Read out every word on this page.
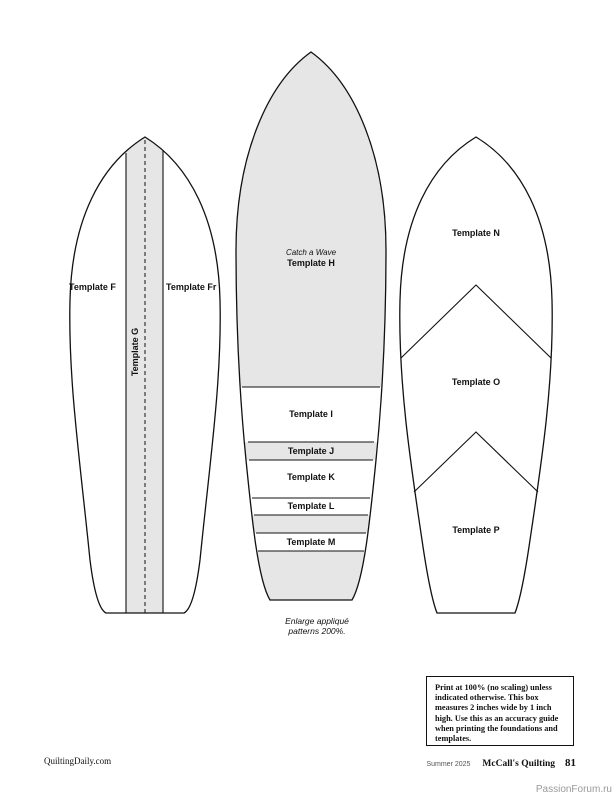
Template F	Template Fr
Template G
Catch a Wave
Template H
Template I
Template J
Template K
Template L
Template M
Template N
Template O
Template P
Enlarge appliqué patterns 200%.
Print at 100% (no scaling) unless indicated otherwise. This box measures 2 inches wide by 1 inch high. Use this as an accuracy guide when printing the foundations and templates.
QuiltingDaily.com	Summer 2025 McCall's Quilting 81
PassionForum.ru
